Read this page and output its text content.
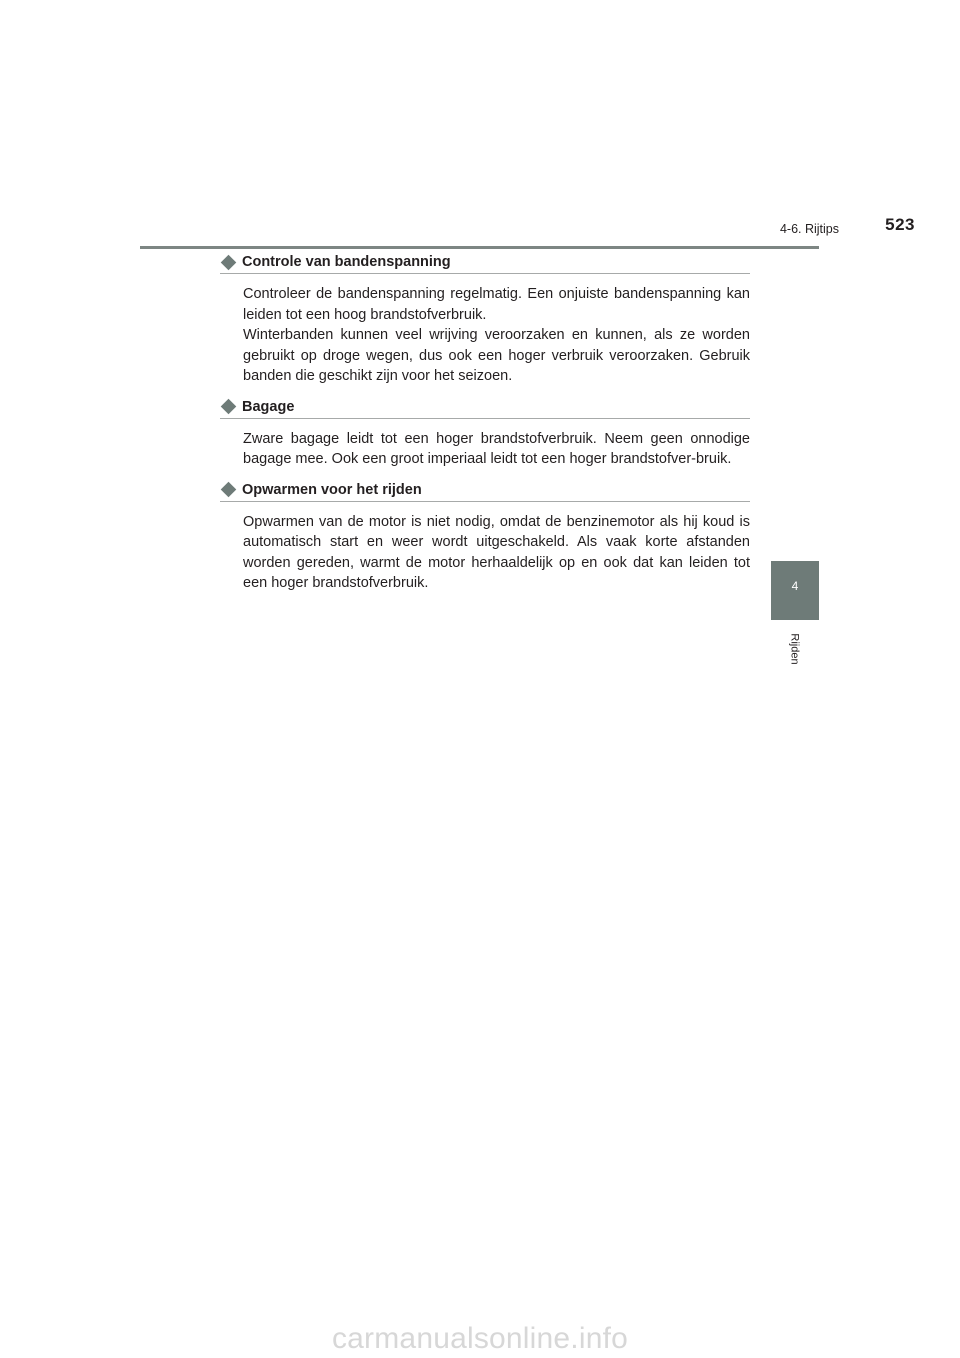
4-6. Rijtips	523
4
Rijden
Controle van bandenspanning

Controleer de bandenspanning regelmatig. Een onjuiste bandenspanning kan leiden tot een hoog brandstofverbruik.

Winterbanden kunnen veel wrijving veroorzaken en kunnen, als ze worden gebruikt op droge wegen, dus ook een hoger verbruik veroorzaken. Gebruik banden die geschikt zijn voor het seizoen.

Bagage

Zware bagage leidt tot een hoger brandstofverbruik. Neem geen onnodige bagage mee. Ook een groot imperiaal leidt tot een hoger brandstofver-bruik.

Opwarmen voor het rijden

Opwarmen van de motor is niet nodig, omdat de benzinemotor als hij koud is automatisch start en weer wordt uitgeschakeld. Als vaak korte afstanden worden gereden, warmt de motor herhaaldelijk op en ook dat kan leiden tot een hoger brandstofverbruik.

carmanualsonline.info
